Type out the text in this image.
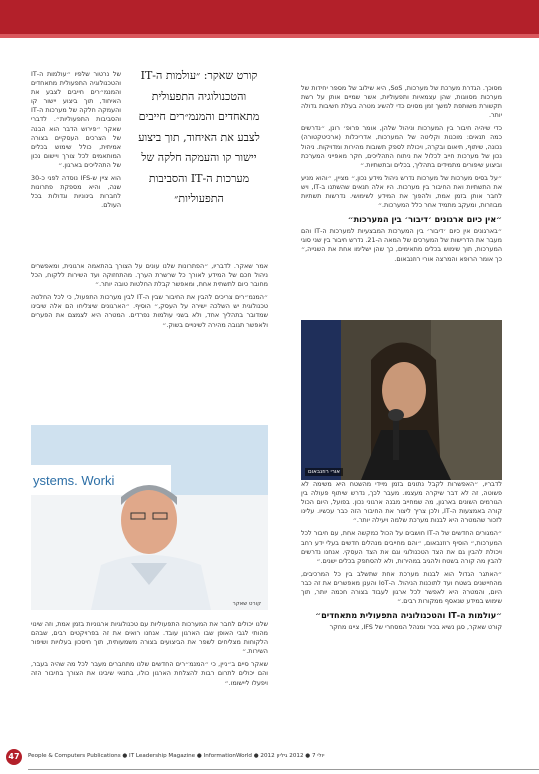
מסוכך. הגדרת מערכת של מערכות, SoS, היא שילוב של מספר יחידות של מערכות מסווגות, שהן עצמאיות ותפעוליות, אשר שמיים אותן על רשת תקשורת משותפת למשך זמן מסוים כדי להשיג מטרה בעלת חשיבות גדולה יותר.

כדי שיהיה חיבור בין המערכות וניהול שלהן, אומר פרופ׳ רונן, ״נדרשים כמה תנאים: מוכנות וקליטה של המערכות, אדריכלות (ארכיטקטורה) נכונה, שיתוף, תיאום ובקרה, ויכולת לספק תשובות מהירות ומדויקות. ניהול נכון של מערכות חייב לכלול את ניתוח התהליכים, חקר מאפייני המערכת וביצוע שיפורים מתמידים בתהליך, בכלים ובתשתיות.״

״על בסיס מערכות של מערכות נדרש ניהול מידע נכון,״ מציין, ״והוא מניע את התשתיות ואת החיבור בין מערכות. היו אלה תנאים שהשתנו ב-IT, ויש לחבר אותן בזמן אמת, ולהפוך את המידע לשימושי. נדרשות תשתיות מבוזרות, ומעקב מתמיד אחר כלל המערכות.״

״אין כיום ארגונים ׳דיבור׳ בין המערכות״

״בארגונים אין כיום ׳דיבור׳ בין המערכות המבצעיות למערכות ה-IT והם מעבר את הדרישות של המערכים של המאה ה-21. נדרש חיבור בין שני סוגי המערכות, תוך שימוש בכלים מתאימים, כך שהן ישלימו אחת את השנייה,״ כך אומר הרופא והמרצה אורי רוזנבאום.

אורי רוזנבאום

לדבריו, ״האפשרות לקבל נתונים בזמן מיידי מהשטח היא משימה לא פשוטה, זה לא דבר שיקרה מעצמו. מעבר לכך, נדרש שיתוף פעולה בין הגורמים השונים בארגון, מה שמחייב מבנה ארגוני נכון. בפועל, היום הכול קורה באמצעות ה-IT, ולכן צריך ליצור את החיבור הזה כבר עכשיו. עלינו לזכור שהמטרה היא לבנות מערכת שלמה ויעילה יותר.״

״המגורים החדשים של ה-IT חושבים על הכול כמקשה אחת, עם חיבור לכל המערכות,״ הוסיף רוזנבאום, ״והם מחייבים מנהלים חדשים בעלי ידע רחב ויכולת להבין גם את הצד הטכנולוגי וגם את הצד העסקי. אנחנו נדרשים להבין מה קורה בשטח ולהגיב במהירות, ולא להסתפק בכלים ישנים.״

״האתגר הגדול הוא לבנות מערכת אחת שתשלב בין כל המרכיבים, מהחיישנים בשטח ועד לתוכנות הניהול. ה-IoT והענן מאפשרים את זה כבר היום, והמטרה היא לאפשר לכל ארגון לעבוד בצורה חכמה יותר, תוך שימוש במידע שנאסף ממקורות רבים.״

״עולמות ה-IT והטכנולוגיה התפעולית מתאחדים״

קורט שאקר, סגן נשיא בכיר ומנהל המסחרי של IFS, ציינו מחקר

של נרטור שלפיו ״עולמות ה-IT והטכנולוגיה התפעולית מתאחדים והמנמ״רים חייבים לצבע את האיחוד, תוך ביצוע יישור קו והעמקה חלקה של מערכות ה-IT והסביבות התפעוליות״. לדברי שאקר ״פירוש הדבר הוא הבנה של הצרכים העסקיים בצורה אמיתית, כולל שימוש בכלים המותאמים לכל צורך ויישום נכון של התהליכים בארגון.״

הוא ציין ש-IFS נוסדה לפני כ-30 שנה, והיא מספקת פתרונות לחברות בינוניות וגדולות בכל העולם.

קורט שאקר: ״עולמות ה-IT והטכנולוגיה התפעולית מתאחדים והמנמ״רים חייבים לצבע את האיחוד, תוך ביצוע יישור קו והעמקה חלקה של מערכות ה-IT והסביבות התפעוליות״

אמר שאקר. לדבריו, ״הפתרונות שלנו עונים על הצורך בהתאמה ארגונית, ומאפשרים ניהול חכם של המידע לאורך כל שרשרת הערך. מהתחזוקה ועד השירות ללקוח, הכל מחובר כיום לתשתית אחת, ומאפשר קבלת החלטות טובה יותר.״

״המנמ״רים צריכים להבין את החיבור שבין ה-IT לבין מערכות התפעול, כי לכל החלטה טכנולוגית יש השלכה ישירה על העסק,״ הוסיף. ״הארגונים שיצליחו הם אלה שיבינו שמדובר בתהליך אחד, ולא בשני עולמות נפרדים. המטרה היא לצמצם את הפערים ולאפשר תגובה מהירה לשינויים בשוק.״

ystems. Worki
קורט שאקר

שלנו יכולים לחבר את המערכות התפעוליות עם טכנולוגיות ארגוניות בזמן אמת, וזה שינוי מהותי לגבי האופן שבו הארגון עובד. אנחנו רואים את זה בפרויקטים רבים, שבהם הלקוחות מצליחים לשפר את הביצועים בצורה משמעותית, תוך חיסכון בעלויות ושיפור השירות.״

שאקר סיים ב״ניין, כי ״המנמ״רים החדשים שלנו מתחברים מעבר לכל מה שהיה בעבר, והם יכולים לתרום רבות להצלחת הארגון כולו, בתנאי שיבינו את הצורך בחיבור הזה ויפעלו ליישומו.״

47	People & Computers Publications ● IT Leadership Magazine ● InformationWorld ● 2012 יולי 7 ● 2012 גיליון
